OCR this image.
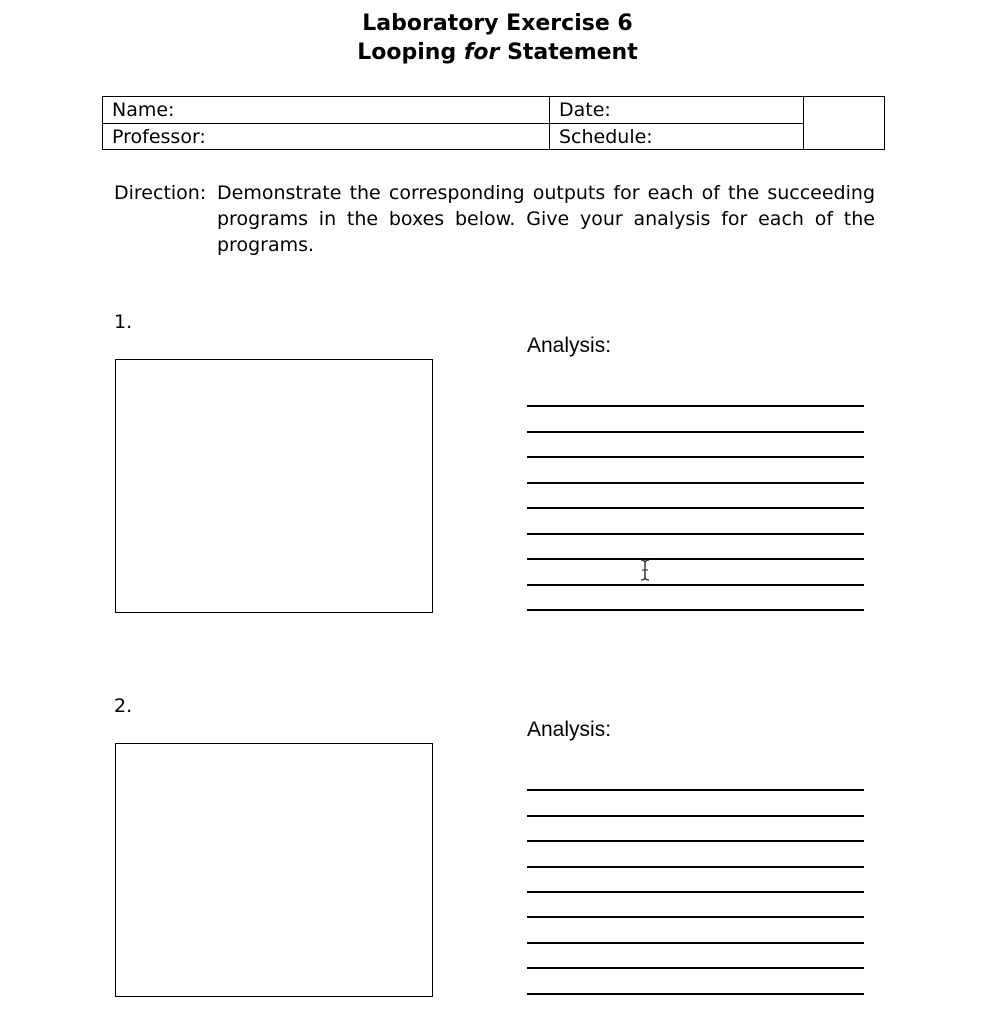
Laboratory Exercise 6
Looping for Statement
Name:
Professor:
Date:
Schedule:
Direction: Demonstrate the corresponding outputs for each of the succeeding programs in the boxes below. Give your analysis for each of the programs.
1.
Analysis:
2.
Analysis:
